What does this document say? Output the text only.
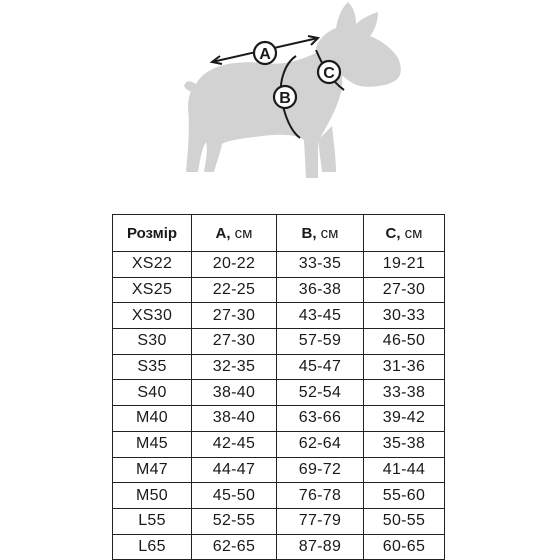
A
B
C
Розмір	A, см	B, см	C, см
XS22	20-22	33-35	19-21
XS25	22-25	36-38	27-30
XS30	27-30	43-45	30-33
S30	27-30	57-59	46-50
S35	32-35	45-47	31-36
S40	38-40	52-54	33-38
M40	38-40	63-66	39-42
M45	42-45	62-64	35-38
M47	44-47	69-72	41-44
M50	45-50	76-78	55-60
L55	52-55	77-79	50-55
L65	62-65	87-89	60-65
